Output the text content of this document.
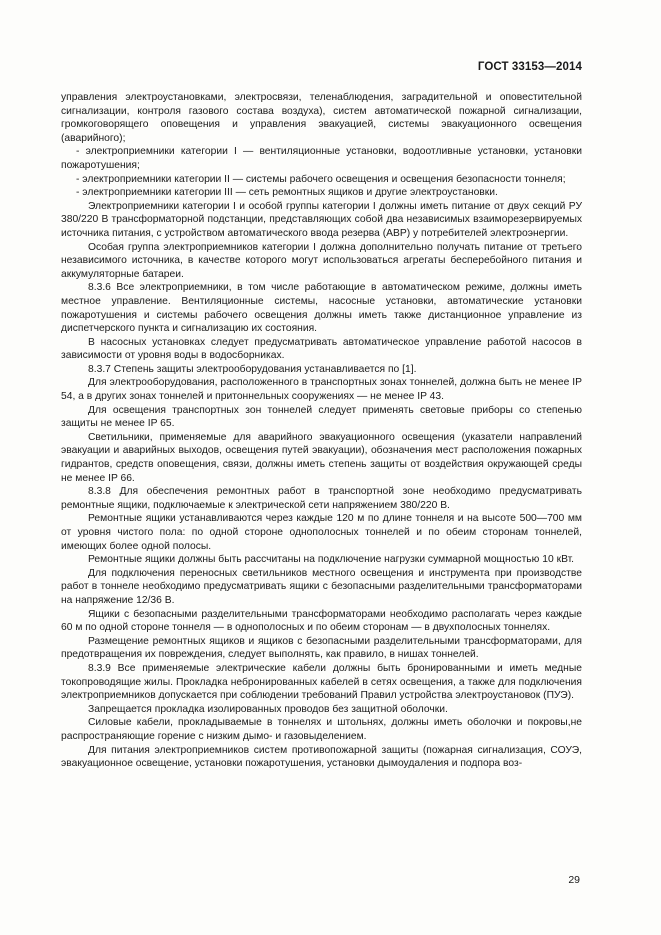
ГОСТ 33153—2014

управления электроустановками, электросвязи, теленаблюдения, заградительной и оповестительной сигнализации, контроля газового состава воздуха), систем автоматической пожарной сигнализации, громкоговорящего оповещения и управления эвакуацией, системы эвакуационного освещения (аварийного);

- электроприемники категории I — вентиляционные установки, водоотливные установки, установки пожаротушения;

- электроприемники категории II — системы рабочего освещения и освещения безопасности тоннеля;

- электроприемники категории III — сеть ремонтных ящиков и другие электроустановки.

Электроприемники категории I и особой группы категории I должны иметь питание от двух секций РУ 380/220 В трансформаторной подстанции, представляющих собой два независимых взаиморезервируемых источника питания, с устройством автоматического ввода резерва (АВР) у потребителей электроэнергии.

Особая группа электроприемников категории I должна дополнительно получать питание от третьего независимого источника, в качестве которого могут использоваться агрегаты бесперебойного питания и аккумуляторные батареи.

8.3.6 Все электроприемники, в том числе работающие в автоматическом режиме, должны иметь местное управление. Вентиляционные системы, насосные установки, автоматические установки пожаротушения и системы рабочего освещения должны иметь также дистанционное управление из диспетчерского пункта и сигнализацию их состояния.

В насосных установках следует предусматривать автоматическое управление работой насосов в зависимости от уровня воды в водосборниках.

8.3.7 Степень защиты электрооборудования устанавливается по [1].

Для электрооборудования, расположенного в транспортных зонах тоннелей, должна быть не менее IP 54, а в других зонах тоннелей и притоннельных сооружениях — не менее IP 43.

Для освещения транспортных зон тоннелей следует применять световые приборы со степенью защиты не менее IP 65.

Светильники, применяемые для аварийного эвакуационного освещения (указатели направлений эвакуации и аварийных выходов, освещения путей эвакуации), обозначения мест расположения пожарных гидрантов, средств оповещения, связи, должны иметь степень защиты от воздействия окружающей среды не менее IP 66.

8.3.8 Для обеспечения ремонтных работ в транспортной зоне необходимо предусматривать ремонтные ящики, подключаемые к электрической сети напряжением 380/220 В.

Ремонтные ящики устанавливаются через каждые 120 м по длине тоннеля и на высоте 500—700 мм от уровня чистого пола: по одной стороне однополосных тоннелей и по обеим сторонам тоннелей, имеющих более одной полосы.

Ремонтные ящики должны быть рассчитаны на подключение нагрузки суммарной мощностью 10 кВт.

Для подключения переносных светильников местного освещения и инструмента при производстве работ в тоннеле необходимо предусматривать ящики с безопасными разделительными трансформаторами на напряжение 12/36 В.

Ящики с безопасными разделительными трансформаторами необходимо располагать через каждые 60 м по одной стороне тоннеля — в однополосных и по обеим сторонам — в двухполосных тоннелях.

Размещение ремонтных ящиков и ящиков с безопасными разделительными трансформаторами, для предотвращения их повреждения, следует выполнять, как правило, в нишах тоннелей.

8.3.9 Все применяемые электрические кабели должны быть бронированными и иметь медные токопроводящие жилы. Прокладка небронированных кабелей в сетях освещения, а также для подключения электроприемников допускается при соблюдении требований Правил устройства электроустановок (ПУЭ).

Запрещается прокладка изолированных проводов без защитной оболочки.

Силовые кабели, прокладываемые в тоннелях и штольнях, должны иметь оболочки и покровы,не распространяющие горение с низким дымо- и газовыделением.

Для питания электроприемников систем противопожарной защиты (пожарная сигнализация, СОУЭ, эвакуационное освещение, установки пожаротушения, установки дымоудаления и подпора воз-

29
